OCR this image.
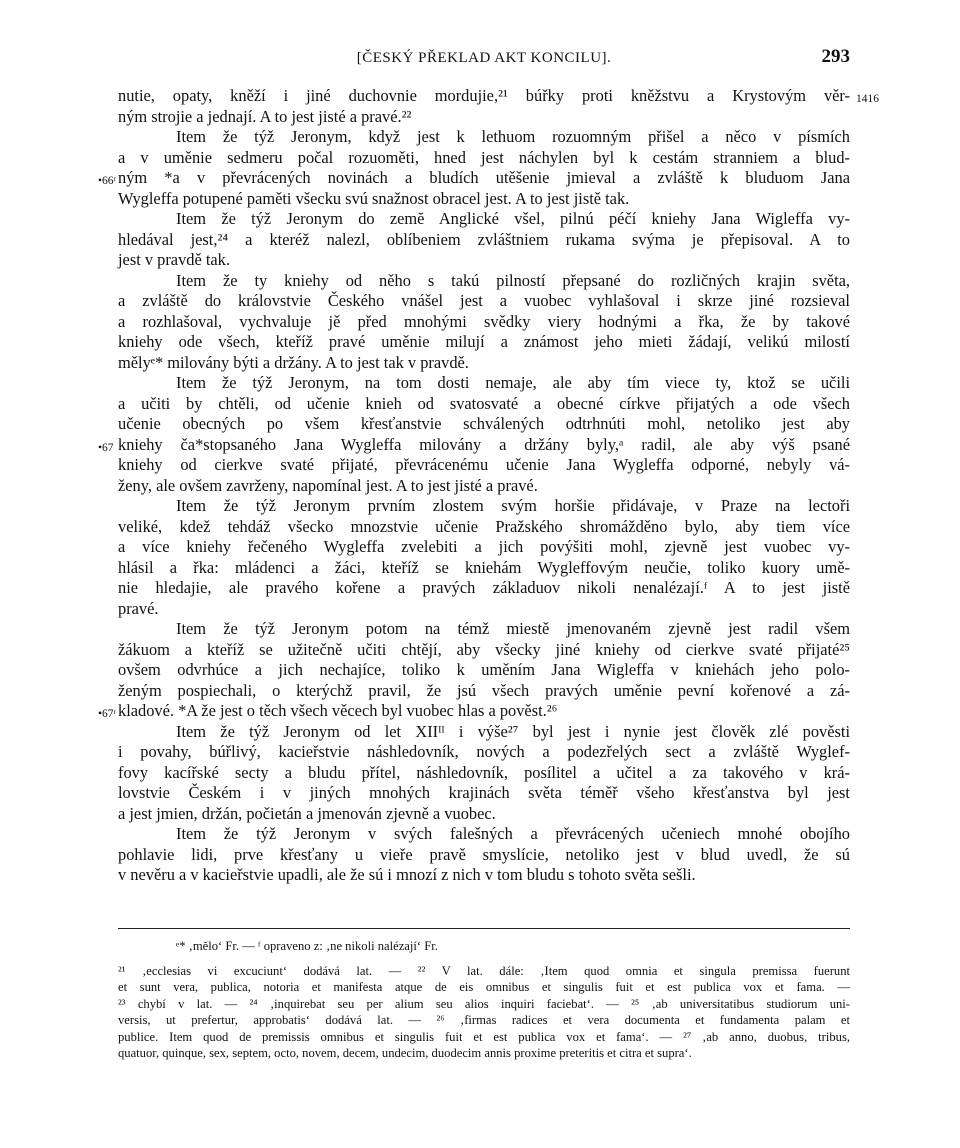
[ČESKÝ PŘEKLAD AKT KONCILU].	293
nutie, opaty, kněží i jiné duchovnie mordujie,²¹ búřky proti kněžstvu a Krystovým věr- 1416
ným strojie a jednají. A to jest jisté a pravé.²²
Item že týž Jeronym, když jest k lethuom rozuomným přišel a něco v písmích
a v uměnie sedmeru počal rozuoměti, hned jest náchylen byl k cestám stranniem a blud-
•66ʳ ným *a v převrácených novinách a bludích utěšenie jmieval a zvláště k bluduom Jana
Wygleffa potupené paměti všecku svú snažnost obracel jest. A to jest jistě tak.
Item že týž Jeronym do zemĕ Anglické všel, pilnú péčí kniehy Jana Wigleffa vy-
hledával jest,²⁴ a kteréž nalezl, oblíbeniem zvláštniem rukama svýma je přepisoval. A to
jest v pravdě tak.
Item že ty kniehy od něho s takú pilností přepsané do rozličných krajin světa,
a zvláště do královstvie Českého vnášel jest a vuobec vyhlašoval i skrze jiné rozsieval
a rozhlašoval, vychvaluje jě před mnohými svědky viery hodnými a řka, že by takové
kniehy ode všech, kteříž pravé uměnie milují a známost jeho mieti žádají, velikú milostí
mělyᵉ* milovány býti a držány. A to jest tak v pravdě.
Item že týž Jeronym, na tom dosti nemaje, ale aby tím viece ty, ktož se učili
a učiti by chtěli, od učenie knieh od svatosvaté a obecné církve přijatých a ode všech
učenie obecných po všem křesťanstvie schválených odtrhnúti mohl, netoliko jest aby
•67 kniehy ča*stopsaného Jana Wygleffa milovány a držány byly,ᵃ radil, ale aby výš psané
kniehy od cierkve svaté přijaté, převrácenému učenie Jana Wygleffa odporné, nebyly vá-
ženy, ale ovšem zavrženy, napomínal jest. A to jest jisté a pravé.
Item že týž Jeronym prvním zlostem svým horšie přidávaje, v Praze na lectoři
veliké, kdež tehdáž všecko mnozstvie učenie Pražského shromážděno bylo, aby tiem více
a více kniehy řečeného Wygleffa zvelebiti a jich povýšiti mohl, zjevně jest vuobec vy-
hlásil a řka: mládenci a žáci, kteříž se kniehám Wygleffovým neučie, toliko kuory umě-
nie hledajie, ale pravého kořene a pravých základuov nikoli nenalézají.ᶠ A to jest jistě
pravé.
Item že týž Jeronym potom na témž miestě jmenovaném zjevně jest radil všem
žákuom a kteříž se užitečně učiti chtějí, aby všecky jiné kniehy od cierkve svaté přijaté²⁵
ovšem odvrhúce a jich nechajíce, toliko k uměním Jana Wigleffa v kniehách jeho polo-
ženým pospiechali, o kterýchž pravil, že jsú všech pravých uměnie pevní kořenové a zá-
•67ʳ kladové. *A že jest o těch všech věcech byl vuobec hlas a pověst.²⁶
Item že týž Jeronym od let XIIᴵᴵ i výše²⁷ byl jest i nynie jest člověk zlé pověsti
i povahy, búřlivý, kacieřstvie náshledovník, nových a podezřelých sect a zvláště Wyglef-
fovy kacířské secty a bludu přítel, náshledovník, posílitel a učitel a za takového v krá-
lovstvie Českém i v jiných mnohých krajinách světa téměř všeho křesťanstva byl jest
a jest jmien, držán, počietán a jmenován zjevně a vuobec.
Item že týž Jeronym v svých falešných a převrácených učeniech mnohé obojího
pohlavie lidi, prve křesťany u vieře pravě smyslície, netoliko jest v blud uvedl, že sú
v nevěru a v kacieřstvie upadli, ale že sú i mnozí z nich v tom bludu s tohoto světa sešli.
ᵉ* ‚mělo‘ Fr. — ᶠ opraveno z: ‚ne nikoli nalézají‘ Fr.
²¹ ‚ecclesias vi excuciunt‘ dodává lat. — ²² V lat. dále: ‚Item quod omnia et singula premissa fuerunt
et sunt vera, publica, notoria et manifesta atque de eis omnibus et singulis fuit et est publica vox et fama. —
²³ chybí v lat. — ²⁴ ‚inquirebat seu per alium seu alios inquiri faciebat‘. — ²⁵ ‚ab universitatibus studiorum uni-
versis, ut prefertur, approbatis‘ dodává lat. — ²⁶ ‚firmas radices et vera documenta et fundamenta palam et
publice. Item quod de premissis omnibus et singulis fuit et est publica vox et fama‘. — ²⁷ ‚ab anno, duobus, tribus,
quatuor, quinque, sex, septem, octo, novem, decem, undecim, duodecim annis proxime preteritis et citra et supra‘.
